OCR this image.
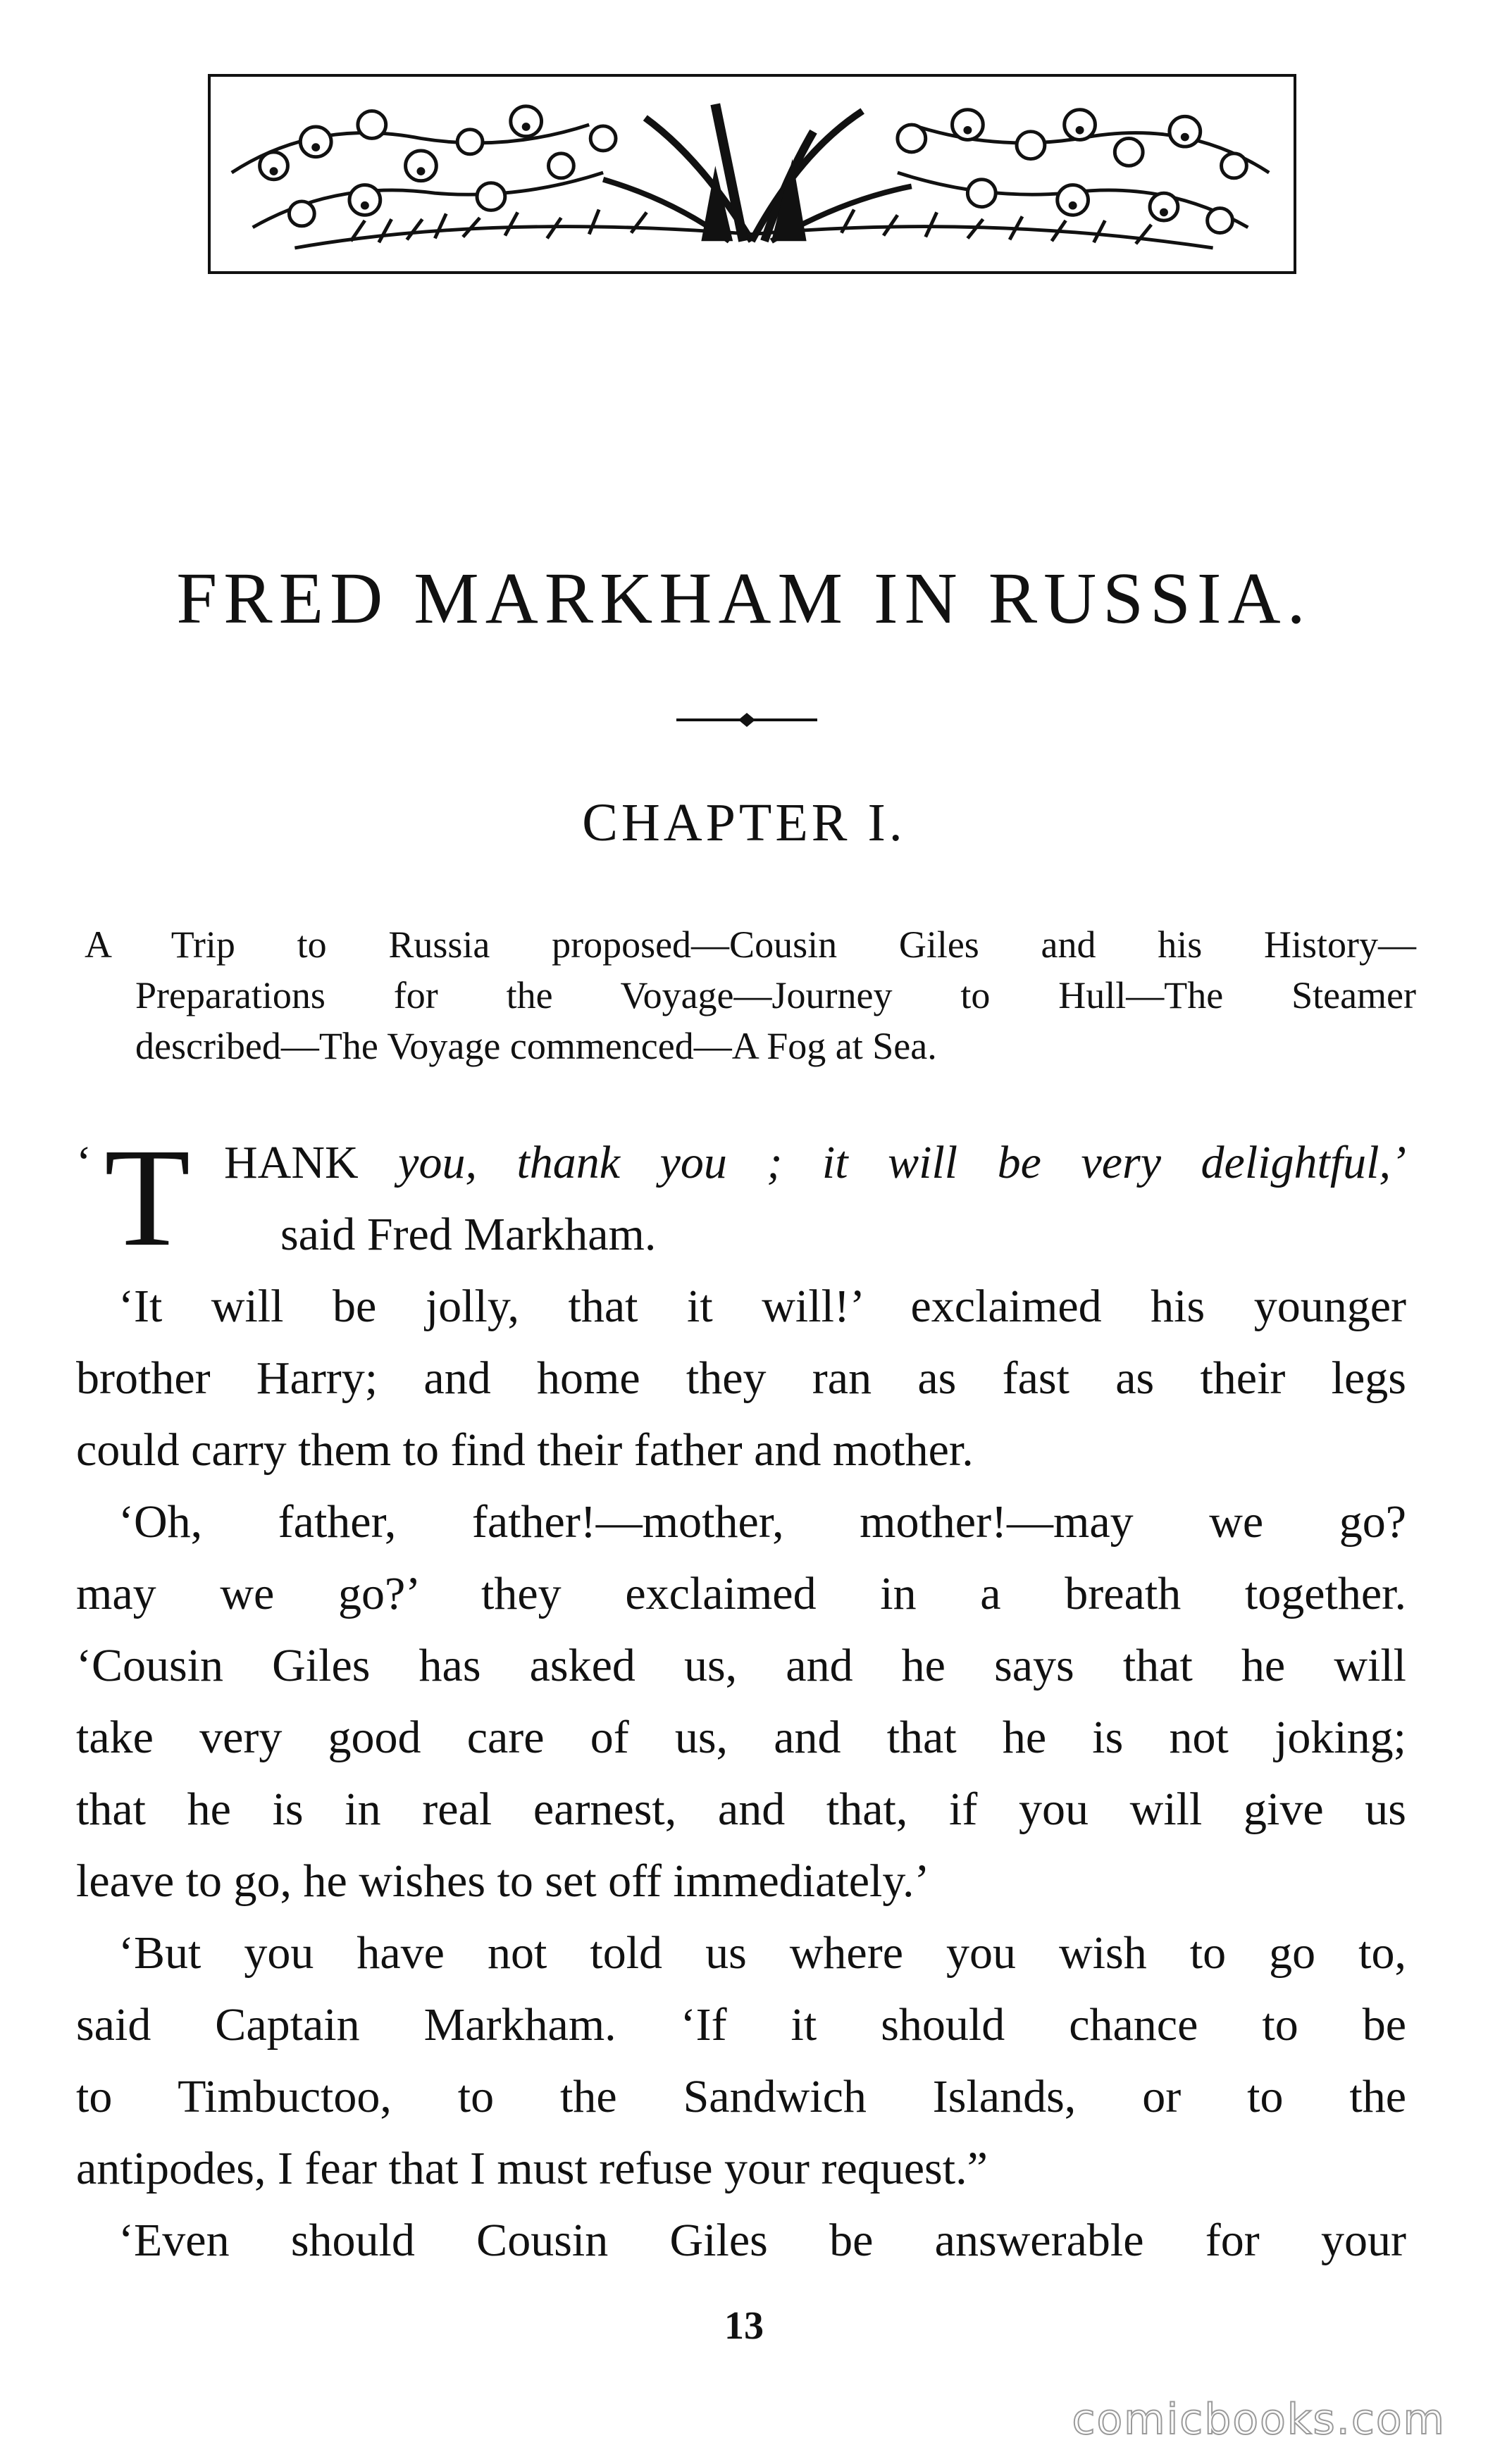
FRED MARKHAM IN RUSSIA.
CHAPTER I.
A Trip to Russia proposed—Cousin Giles and his History—
Preparations for the Voyage—Journey to Hull—The Steamer
described—The Voyage commenced—A Fog at Sea.
T
‘	HANK you, thank you ; it will be very delightful,’
said Fred Markham.
‘It will be jolly, that it will!’ exclaimed his younger
brother Harry; and home they ran as fast as their legs
could carry them to find their father and mother.
‘Oh, father, father!—mother, mother!—may we go?
may we go?’ they exclaimed in a breath together.
‘Cousin Giles has asked us, and he says that he will
take very good care of us, and that he is not joking;
that he is in real earnest, and that, if you will give us
leave to go, he wishes to set off immediately.’
‘But you have not told us where you wish to go to,
said Captain Markham. ‘If it should chance to be
to Timbuctoo, to the Sandwich Islands, or to the
antipodes, I fear that I must refuse your request.”
‘Even should Cousin Giles be answerable for your
13
comicbooks.com
